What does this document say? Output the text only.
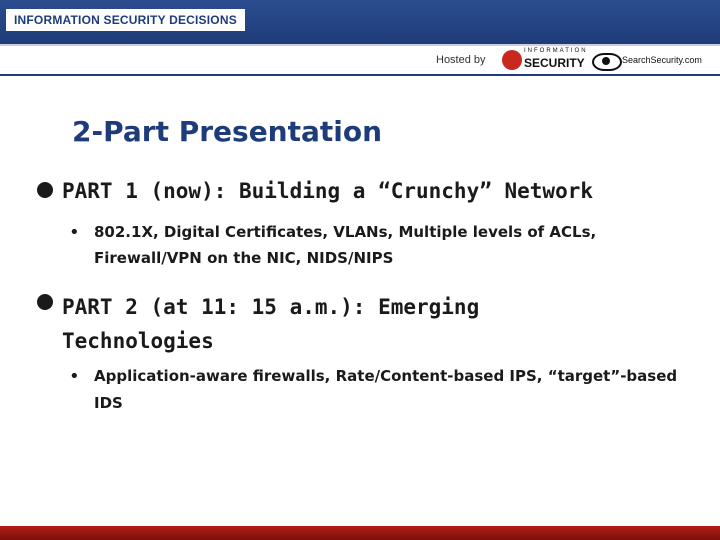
INFORMATION SECURITY DECISIONS
Hosted by
INFORMATION
SECURITY	SearchSecurity.com
2-Part Presentation
PART 1 (now): Building a “Crunchy” Network
• 802.1X, Digital Certificates, VLANs, Multiple levels of ACLs, Firewall/VPN on the NIC, NIDS/NIPS
PART 2 (at 11: 15 a.m.): Emerging Technologies
• Application-aware firewalls, Rate/Content-based IPS, “target”-based IDS
